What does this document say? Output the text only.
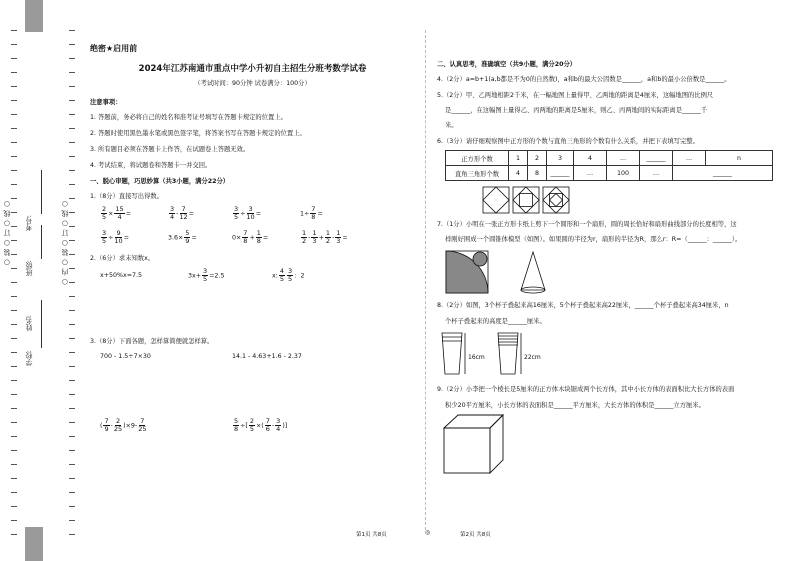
学校:
姓名:
班级:
考号:
○ 装 ○ 订 ○ 线 ○	○ 内 ○ 装 ○ 订 ○ 线 ○
绝密★启用前
2024年江苏南通市重点中学小升初自主招生分班考数学试卷
（考试时间：90分钟 试卷满分：100分）
注意事项：
1. 答题前，务必将自己的姓名和准考证号填写在答题卡规定的位置上。
2. 答题时使用黑色墨水笔或黑色签字笔，将答案书写在答题卡规定的位置上。
3. 所有题目必须在答题卡上作答，在试题卷上答题无效。
4. 考试结束，将试题卷和答题卡一并交回。
一、脱心审题，巧思妙算（共3小题，满分22分）
1.（8分）直接写出得数。
$\frac{2}{5} \times \frac{15}{4}$ =	$\frac{3}{4} - \frac{7}{12}$ =	$\frac{3}{5} \div \frac{3}{10}$ =	$1\div \frac{7}{8}$ =
$\frac{3}{5} \div \frac{9}{10}$ =	$3.6\times \frac{5}{9}$ =	$0\times \frac{7}{8} + \frac{1}{8}$ =	$\frac{1}{2} - \frac{1}{3} + \frac{1}{2} - \frac{1}{3}$ =
2.（6分）求未知数x。
x+50%x=7.5	$3x+ \frac{3}{5} =2.5$	x: $\frac{4}{5} \frac{3}{5}$ ：2
3.（8分）下面各题，怎样算简便就怎样算。
700 - 1.5÷7×30	14.1 - 4.63+1.6 - 2.37
( $\frac{7}{9} - \frac{2}{25} )\times 9- \frac{7}{25}$	$\frac{5}{8}$ ÷[ $\frac{2}{5}$ ×( $\frac{7}{6} - \frac{3}{4}$ )]
二、认真思考，准确填空（共9小题，满分20分）
4.（2分）a=b+1(a,b都是不为0的自然数)，a和b的最大公因数是______，a和b的最小公倍数是______。
5.（2分）甲、乙两地相距2千米，在一幅地图上量得甲、乙两地的距离是4厘米，这幅地图的比例尺
是______，在这幅图上量得乙、丙两地的距离是5厘米，则乙、丙两地间的实际距离是______千
米。
6.（3分）请仔细观察图中正方形的个数与直角三角形的个数有什么关系，并把下表填写完整。
正方形个数	1	2	3	4	…	______	…	n
直角三角形个数	4	8	______	…	100	…	______	
7.（1分）小明在一张正方形卡纸上剪下一个圆形和一个扇形，圆的周长恰好和扇形曲线部分的长度相等，这
样刚好围成一个圆锥体模型（如图）。如果圆的半径为r，扇形的半径为R，那么r：R=（______：______）。
8.（2分）如图，3个杯子叠起来高16厘米，5个杯子叠起来高22厘米，______个杯子叠起来高34厘米，n
个杯子叠起来的高度是______厘米。
16cm	22cm
9.（2分）小李把一个棱长是5厘米的正方体木块锯成两个长方体，其中小长方体的表面积比大长方体的表面
积少20平方厘米，小长方体的表面积是______平方厘米，大长方体的体积是______立方厘米。
第1页 共8页	◎	第2页 共8页
